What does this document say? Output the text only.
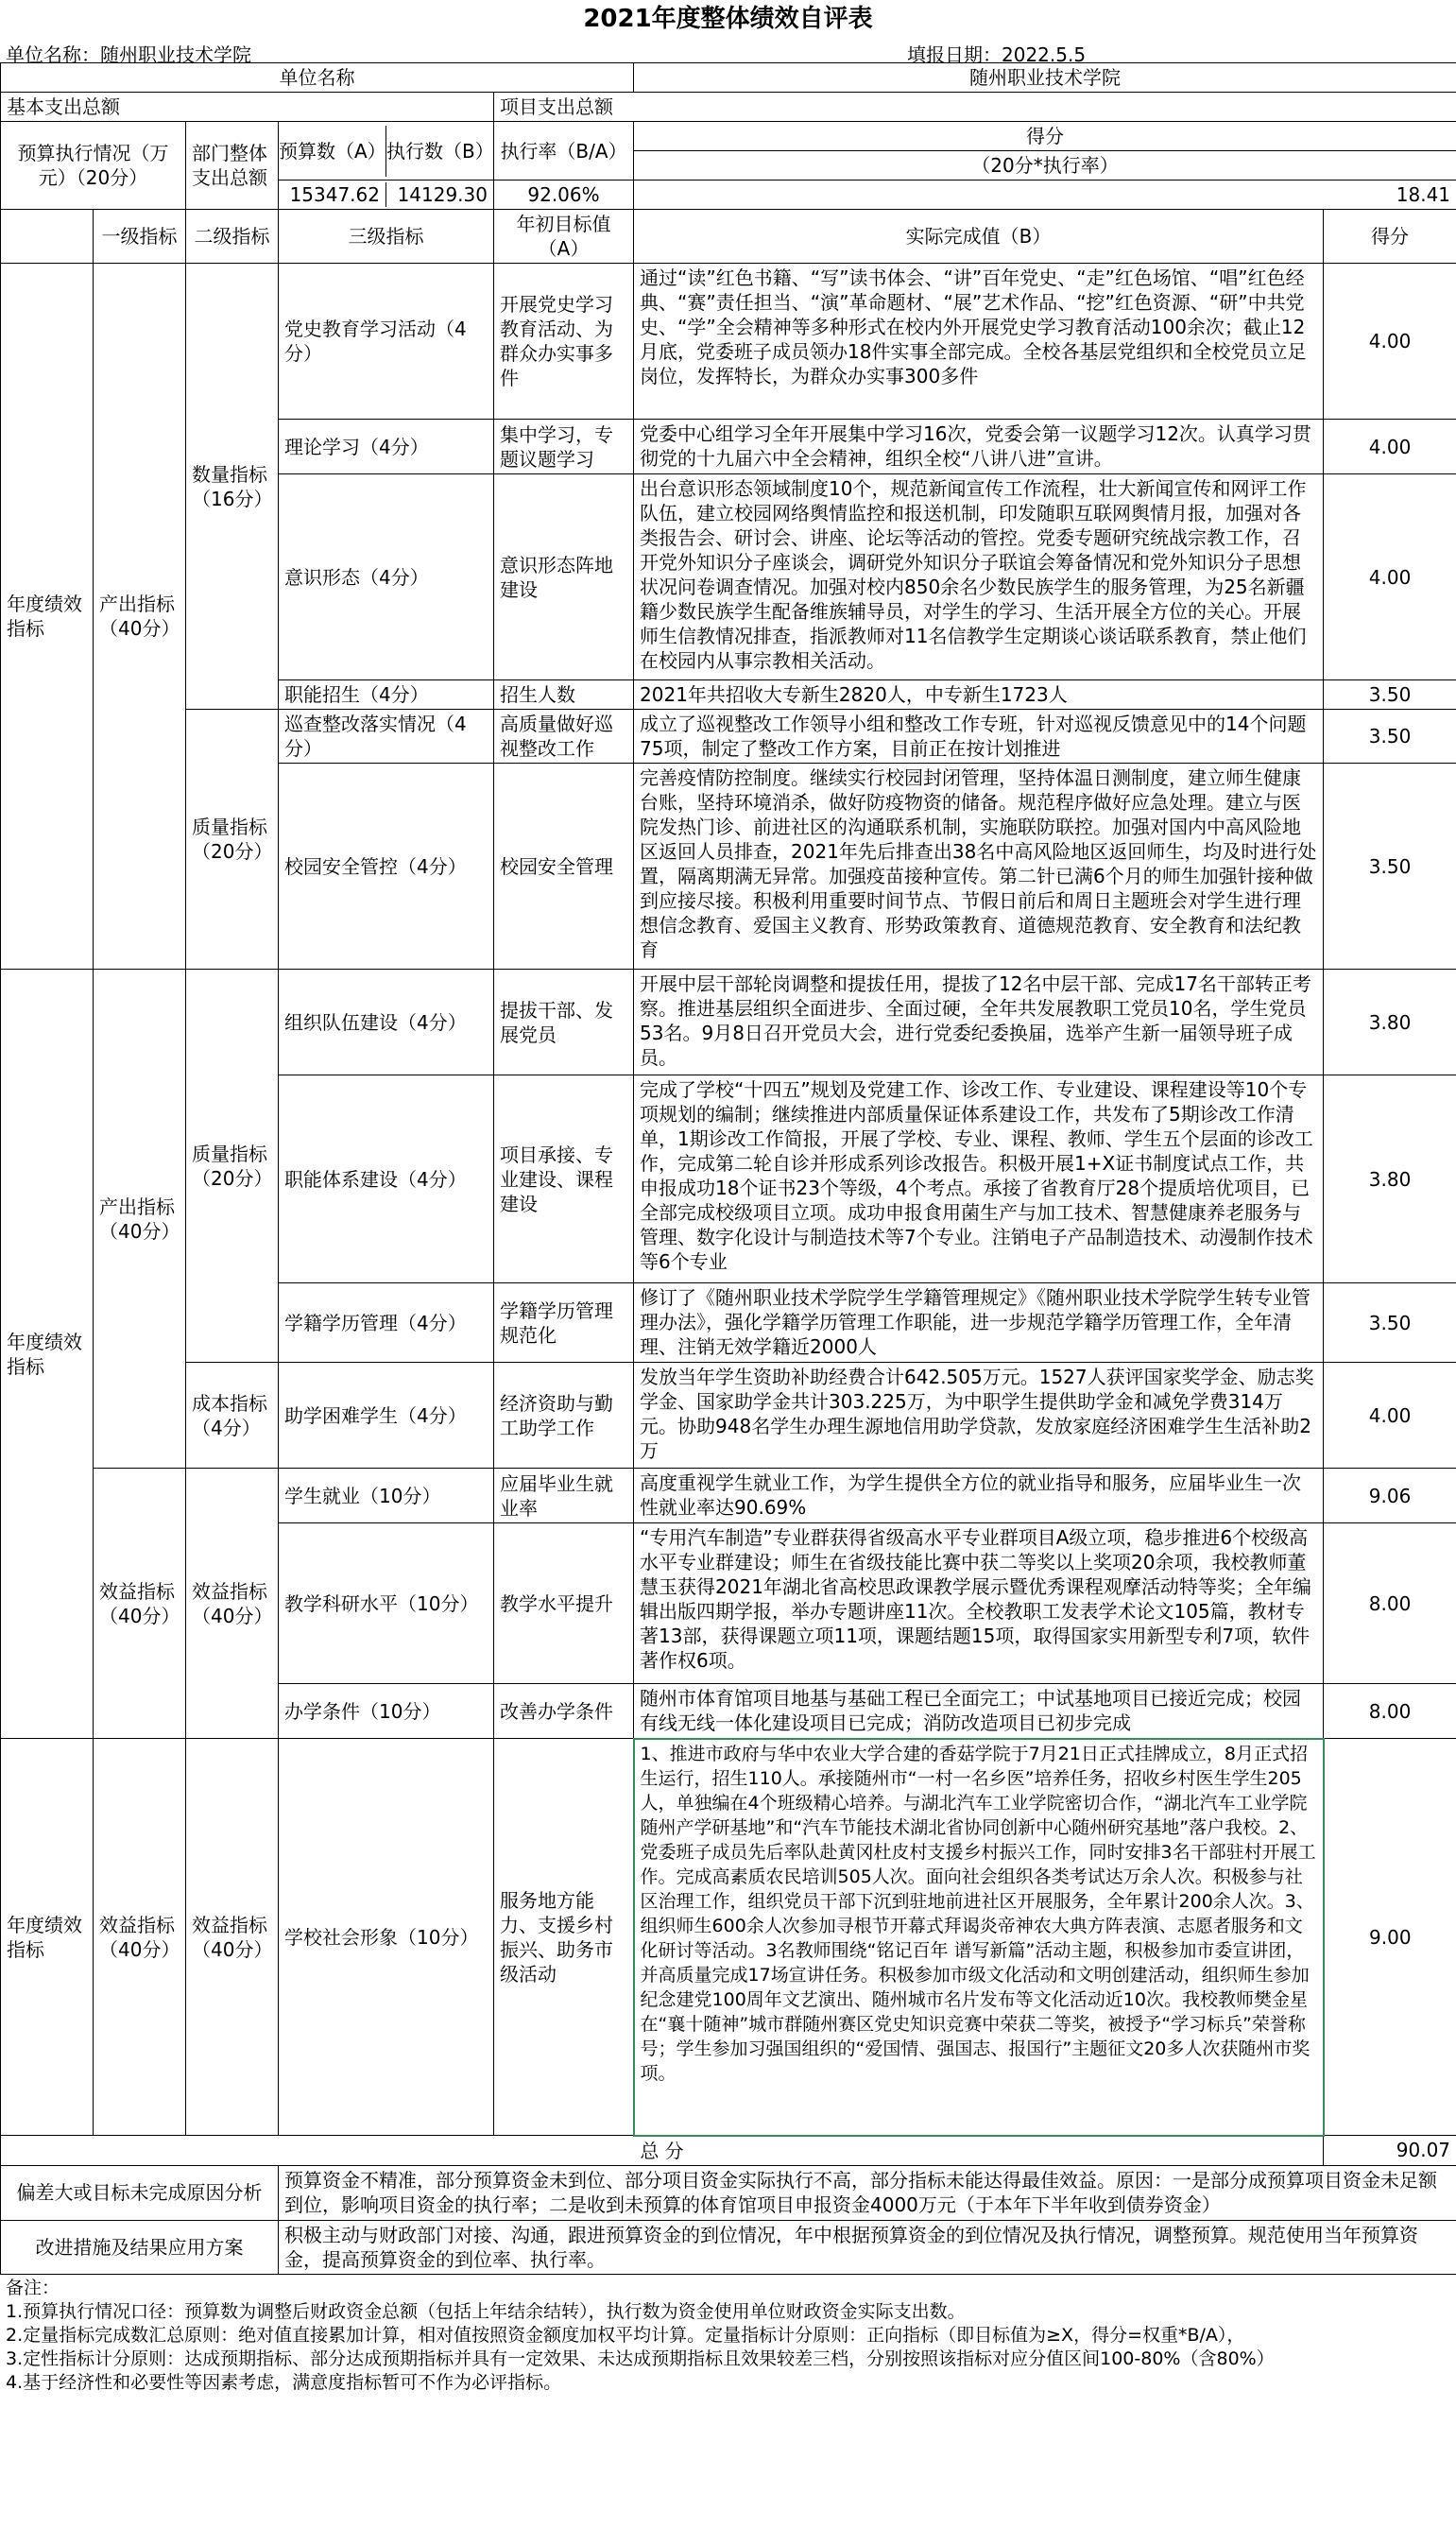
2021年度整体绩效自评表
单位名称：随州职业技术学院	填报日期：2022.5.5
单位名称					随州职业技术学院	
基本支出总额				项目支出总额		
预算执行情况（万元）（20分）		部门整体支出总额	预算数（A） 执行数（B）	执行率（B/A）	得分	
					（20分*执行率）	

			15347.62 14129.30	92.06%	18.41	
	一级指标	二级指标	三级指标	年初目标值（A）	实际完成值（B）	得分
年度绩效指标	产出指标（40分）	数量指标（16分）	党史教育学习活动（4分）	开展党史学习教育活动、为群众办实事多件	通过“读”红色书籍、“写”读书体会、“讲”百年党史、“走”红色场馆、“唱”红色经典、“赛”责任担当、“演”革命题材、“展”艺术作品、“挖”红色资源、“研”中共党史、“学”全会精神等多种形式在校内外开展党史学习教育活动100余次；截止12月底，党委班子成员领办18件实事全部完成。全校各基层党组织和全校党员立足岗位，发挥特长，为群众办实事300多件	4.00
			理论学习（4分）	集中学习，专题议题学习	党委中心组学习全年开展集中学习16次，党委会第一议题学习12次。认真学习贯彻党的十九届六中全会精神，组织全校“八讲八进”宣讲。	4.00
			意识形态（4分）	意识形态阵地建设	出台意识形态领域制度10个，规范新闻宣传工作流程，壮大新闻宣传和网评工作队伍，建立校园网络舆情监控和报送机制，印发随职互联网舆情月报，加强对各类报告会、研讨会、讲座、论坛等活动的管控。党委专题研究统战宗教工作，召开党外知识分子座谈会，调研党外知识分子联谊会筹备情况和党外知识分子思想状况问卷调查情况。加强对校内850余名少数民族学生的服务管理，为25名新疆籍少数民族学生配备维族辅导员，对学生的学习、生活开展全方位的关心。开展师生信教情况排查，指派教师对11名信教学生定期谈心谈话联系教育，禁止他们在校园内从事宗教相关活动。	4.00
			职能招生（4分）	招生人数	2021年共招收大专新生2820人，中专新生1723人	3.50
		质量指标（20分）	巡查整改落实情况（4分）	高质量做好巡视整改工作	成立了巡视整改工作领导小组和整改工作专班，针对巡视反馈意见中的14个问题75项，制定了整改工作方案，目前正在按计划推进	3.50
			校园安全管控（4分）	校园安全管理	完善疫情防控制度。继续实行校园封闭管理，坚持体温日测制度，建立师生健康台账，坚持环境消杀，做好防疫物资的储备。规范程序做好应急处理。建立与医院发热门诊、前进社区的沟通联系机制，实施联防联控。加强对国内中高风险地区返回人员排查，2021年先后排查出38名中高风险地区返回师生，均及时进行处置，隔离期满无异常。加强疫苗接种宣传。第二针已满6个月的师生加强针接种做到应接尽接。积极利用重要时间节点、节假日前后和周日主题班会对学生进行理想信念教育、爱国主义教育、形势政策教育、道德规范教育、安全教育和法纪教育	3.50
年度绩效指标	产出指标（40分）	质量指标（20分）	组织队伍建设（4分）	提拔干部、发展党员	开展中层干部轮岗调整和提拔任用，提拔了12名中层干部、完成17名干部转正考察。推进基层组织全面进步、全面过硬，全年共发展教职工党员10名，学生党员53名。9月8日召开党员大会，进行党委纪委换届，选举产生新一届领导班子成员。	3.80
			职能体系建设（4分）	项目承接、专业建设、课程建设	完成了学校“十四五”规划及党建工作、诊改工作、专业建设、课程建设等10个专项规划的编制；继续推进内部质量保证体系建设工作，共发布了5期诊改工作清单，1期诊改工作简报，开展了学校、专业、课程、教师、学生五个层面的诊改工作，完成第二轮自诊并形成系列诊改报告。积极开展1+X证书制度试点工作，共申报成功18个证书23个等级，4个考点。承接了省教育厅28个提质培优项目，已全部完成校级项目立项。成功申报食用菌生产与加工技术、智慧健康养老服务与管理、数字化设计与制造技术等7个专业。注销电子产品制造技术、动漫制作技术等6个专业	3.80
			学籍学历管理（4分）	学籍学历管理规范化	修订了《随州职业技术学院学生学籍管理规定》《随州职业技术学院学生转专业管理办法》，强化学籍学历管理工作职能，进一步规范学籍学历管理工作，全年清理、注销无效学籍近2000人	3.50
		成本指标（4分）	助学困难学生（4分）	经济资助与勤工助学工作	发放当年学生资助补助经费合计642.505万元。1527人获评国家奖学金、励志奖学金、国家助学金共计303.225万，为中职学生提供助学金和减免学费314万元。协助948名学生办理生源地信用助学贷款，发放家庭经济困难学生生活补助2万	4.00
	效益指标（40分）	效益指标（40分）	学生就业（10分）	应届毕业生就业率	高度重视学生就业工作，为学生提供全方位的就业指导和服务，应届毕业生一次性就业率达90.69%	9.06
			教学科研水平（10分）	教学水平提升	“专用汽车制造”专业群获得省级高水平专业群项目A级立项，稳步推进6个校级高水平专业群建设；师生在省级技能比赛中获二等奖以上奖项20余项，我校教师董慧玉获得2021年湖北省高校思政课教学展示暨优秀课程观摩活动特等奖；全年编辑出版四期学报，举办专题讲座11次。全校教职工发表学术论文105篇，教材专著13部，获得课题立项11项，课题结题15项，取得国家实用新型专利7项，软件著作权6项。	8.00
			办学条件（10分）	改善办学条件	随州市体育馆项目地基与基础工程已全面完工；中试基地项目已接近完成；校园有线无线一体化建设项目已完成；消防改造项目已初步完成	8.00
年度绩效指标	效益指标（40分）	效益指标（40分）	学校社会形象（10分）	服务地方能力、支援乡村振兴、助务市级活动	1、推进市政府与华中农业大学合建的香菇学院于7月21日正式挂牌成立，8月正式招生运行，招生110人。承接随州市“一村一名乡医”培养任务，招收乡村医生学生205人，单独编在4个班级精心培养。与湖北汽车工业学院密切合作，“湖北汽车工业学院随州产学研基地”和“汽车节能技术湖北省协同创新中心随州研究基地”落户我校。2、党委班子成员先后率队赴黄冈杜皮村支援乡村振兴工作，同时安排3名干部驻村开展工作。完成高素质农民培训505人次。面向社会组织各类考试达万余人次。积极参与社区治理工作，组织党员干部下沉到驻地前进社区开展服务，全年累计200余人次。3、组织师生600余人次参加寻根节开幕式拜谒炎帝神农大典方阵表演、志愿者服务和文化研讨等活动。3名教师围绕“铭记百年 谱写新篇”活动主题，积极参加市委宣讲团，并高质量完成17场宣讲任务。积极参加市级文化活动和文明创建活动，组织师生参加纪念建党100周年文艺演出、随州城市名片发布等文化活动近10次。我校教师樊金星在“襄十随神”城市群随州赛区党史知识竞赛中荣获二等奖，被授予“学习标兵”荣誉称号；学生参加习强国组织的“爱国情、强国志、报国行”主题征文20多人次获随州市奖项。	9.00
总 分						90.07
偏差大或目标未完成原因分析			预算资金不精准，部分预算资金未到位、部分项目资金实际执行不高，部分指标未能达得最佳效益。原因：一是部分成预算项目资金未足额到位，影响项目资金的执行率；二是收到未预算的体育馆项目申报资金4000万元（于本年下半年收到债券资金）			
改进措施及结果应用方案			积极主动与财政部门对接、沟通，跟进预算资金的到位情况，年中根据预算资金的到位情况及执行情况，调整预算。规范使用当年预算资金，提高预算资金的到位率、执行率。			
备注：
1.预算执行情况口径：预算数为调整后财政资金总额（包括上年结余结转），执行数为资金使用单位财政资金实际支出数。
2.定量指标完成数汇总原则：绝对值直接累加计算，相对值按照资金额度加权平均计算。定量指标计分原则：正向指标（即目标值为≥X，得分=权重*B/A），
3.定性指标计分原则：达成预期指标、部分达成预期指标并具有一定效果、未达成预期指标且效果较差三档，分别按照该指标对应分值区间100-80%（含80%）
4.基于经济性和必要性等因素考虑，满意度指标暂可不作为必评指标。
